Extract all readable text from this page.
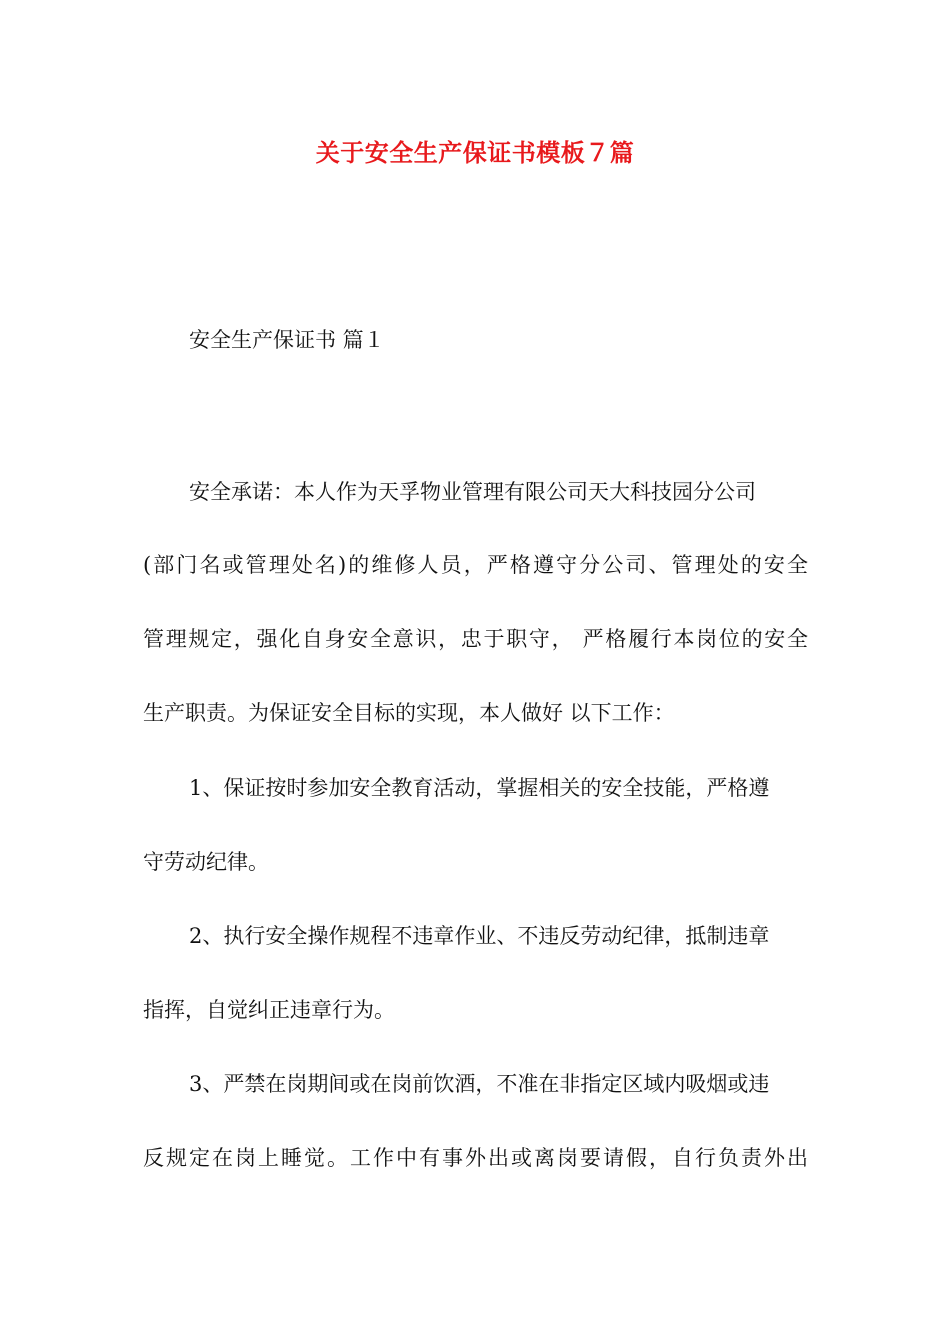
关于安全生产保证书模板７篇

安全生产保证书 篇１

安全承诺：本人作为天孚物业管理有限公司天大科技园分公司

(部门名或管理处名)的维修人员，严格遵守分公司、管理处的安全

管理规定，强化自身安全意识，忠于职守， 严格履行本岗位的安全

生产职责。为保证安全目标的实现，本人做好 以下工作：

1、保证按时参加安全教育活动，掌握相关的安全技能，严格遵

守劳动纪律。

2、执行安全操作规程不违章作业、不违反劳动纪律，抵制违章

指挥，自觉纠正违章行为。

3、严禁在岗期间或在岗前饮酒，不准在非指定区域内吸烟或违

反规定在岗上睡觉。工作中有事外出或离岗要请假，自行负责外出
